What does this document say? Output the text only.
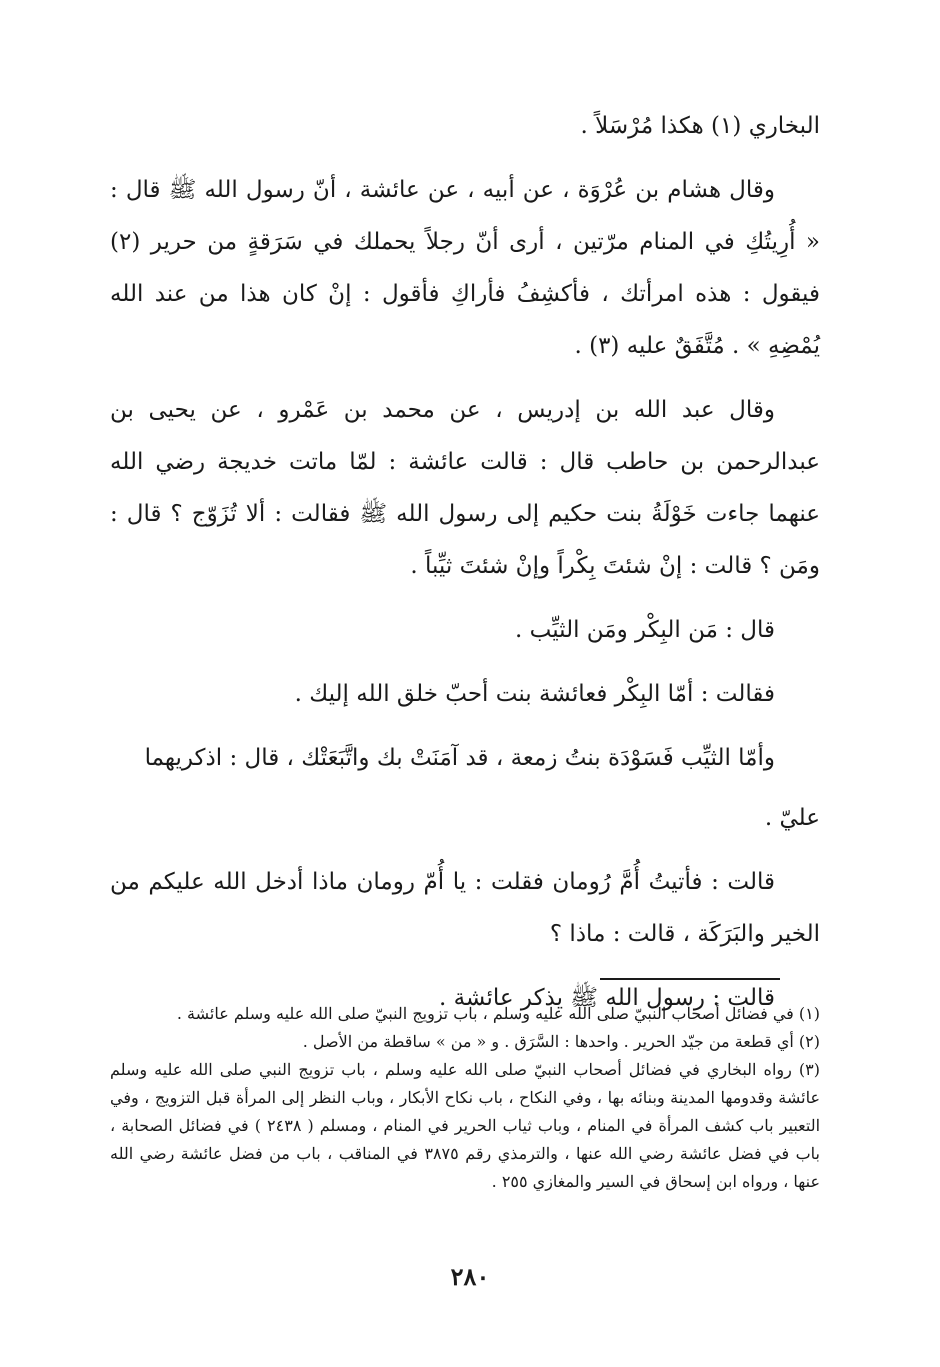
البخاري (١) هكذا مُرْسَلاً .

وقال هشام بن عُرْوَة ، عن أبيه ، عن عائشة ، أنّ رسول الله ﷺ قال : « أُرِيتُكِ في المنام مرّتين ، أرى أنّ رجلاً يحملك في سَرَقةٍ من حرير (٢) فيقول : هذه امرأتك ، فأكشِفُ فأراكِ فأقول : إنْ كان هذا من عند الله يُمْضِهِ » . مُتَّفَقٌ عليه (٣) .

وقال عبد الله بن إدريس ، عن محمد بن عَمْرو ، عن يحيى بن عبدالرحمن بن حاطب قال : قالت عائشة : لمّا ماتت خديجة رضي الله عنهما جاءت خَوْلَةُ بنت حكيم إلى رسول الله ﷺ فقالت : ألا تُزَوّج ؟ قال : ومَن ؟ قالت : إنْ شئتَ بِكْراً وإنْ شئتَ ثيِّباً .

قال : مَن البِكْر ومَن الثيِّب .

فقالت : أمّا البِكْر فعائشة بنت أحبّ خلق الله إليك .

وأمّا الثيِّب فَسَوْدَة بنتُ زمعة ، قد آمَنَتْ بك واتَّبَعَتْك ، قال : اذكريهما

عليّ .

قالت : فأتيتُ أُمَّ رُومان فقلت : يا أُمّ رومان ماذا أدخل الله عليكم من الخير والبَرَكَة ، قالت : ماذا ؟

قالت : رسول الله ﷺ يذكر عائشة .

(١) في فضائل أصحاب النبيّ صلى الله عليه وسلم ، باب تزويج النبيّ صلى الله عليه وسلم عائشة .

(٢) أي قطعة من جيّد الحرير . واحدها : السَّرَق . و « من » ساقطة من الأصل .

(٣) رواه البخاري في فضائل أصحاب النبيّ صلى الله عليه وسلم ، باب تزويج النبي صلى الله عليه وسلم عائشة وقدومها المدينة وبنائه بها ، وفي النكاح ، باب نكاح الأبكار ، وباب النظر إلى المرأة قبل التزويج ، وفي التعبير باب كشف المرأة في المنام ، وباب ثياب الحرير في المنام ، ومسلم ( ٢٤٣٨ ) في فضائل الصحابة ، باب في فضل عائشة رضي الله عنها ، والترمذي رقم ٣٨٧٥ في المناقب ، باب من فضل عائشة رضي الله عنها ، ورواه ابن إسحاق في السير والمغازي ٢٥٥ .

٢٨٠
